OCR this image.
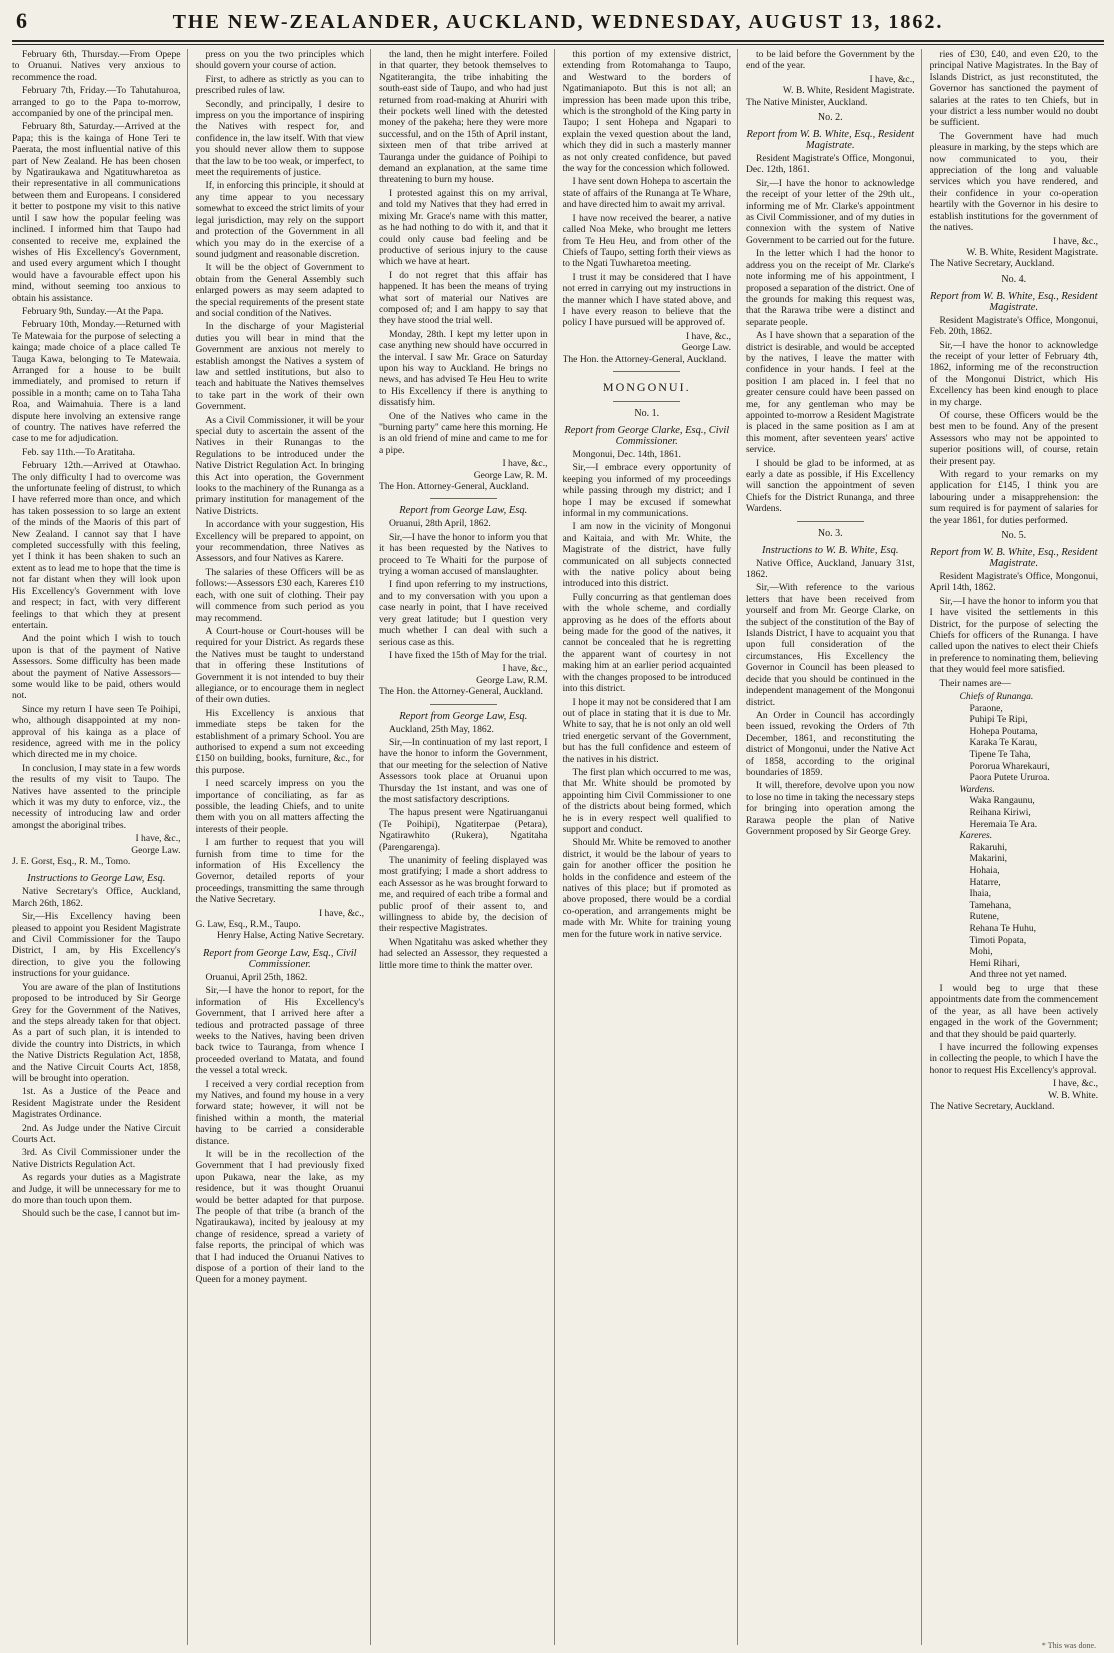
6	THE NEW-ZEALANDER, AUCKLAND, WEDNESDAY, AUGUST 13, 1862.

February 6th, Thursday.—From Opepe to Oruanui. Natives very anxious to recommence the road.

February 7th, Friday.—To Tahutahuroa, arranged to go to the Papa to-morrow, accompanied by one of the principal men.

February 8th, Saturday.—Arrived at the Papa; this is the kainga of Hone Teri te Paerata, the most influential native of this part of New Zealand. He has been chosen by Ngatiraukawa and Ngatituwharetoa as their representative in all communications between them and Europeans. I considered it better to postpone my visit to this native until I saw how the popular feeling was inclined. I informed him that Taupo had consented to receive me, explained the wishes of His Excellency's Government, and used every argument which I thought would have a favourable effect upon his mind, without seeming too anxious to obtain his assistance.

February 9th, Sunday.—At the Papa.

February 10th, Monday.—Returned with Te Matewaia for the purpose of selecting a kainga; made choice of a place called Te Tauga Kawa, belonging to Te Matewaia. Arranged for a house to be built immediately, and promised to return if possible in a month; came on to Taha Taha Roa, and Waimahuia. There is a land dispute here involving an extensive range of country. The natives have referred the case to me for adjudication.

Feb. say 11th.—To Aratitaha.

February 12th.—Arrived at Otawhao. The only difficulty I had to overcome was the unfortunate feeling of distrust, to which I have referred more than once, and which has taken possession to so large an extent of the minds of the Maoris of this part of New Zealand. I cannot say that I have completed successfully with this feeling, yet I think it has been shaken to such an extent as to lead me to hope that the time is not far distant when they will look upon His Excellency's Government with love and respect; in fact, with very different feelings to that which they at present entertain.

And the point which I wish to touch upon is that of the payment of Native Assessors. Some difficulty has been made about the payment of Native Assessors—some would like to be paid, others would not.

Since my return I have seen Te Poihipi, who, although disappointed at my non-approval of his kainga as a place of residence, agreed with me in the policy which directed me in my choice.

In conclusion, I may state in a few words the results of my visit to Taupo. The Natives have assented to the principle which it was my duty to enforce, viz., the necessity of introducing law and order amongst the aboriginal tribes.

I have, &c.,
George Law.
J. E. Gorst, Esq., R. M., Tomo.
Instructions to George Law, Esq.

Native Secretary's Office, Auckland, March 26th, 1862.

Sir,—His Excellency having been pleased to appoint you Resident Magistrate and Civil Commissioner for the Taupo District, I am, by His Excellency's direction, to give you the following instructions for your guidance.

You are aware of the plan of Institutions proposed to be introduced by Sir George Grey for the Government of the Natives, and the steps already taken for that object. As a part of such plan, it is intended to divide the country into Districts, in which the Native Districts Regulation Act, 1858, and the Native Circuit Courts Act, 1858, will be brought into operation.

1st. As a Justice of the Peace and Resident Magistrate under the Resident Magistrates Ordinance.

2nd. As Judge under the Native Circuit Courts Act.

3rd. As Civil Commissioner under the Native Districts Regulation Act.

As regards your duties as a Magistrate and Judge, it will be unnecessary for me to do more than touch upon them.

Should such be the case, I cannot but im-

press on you the two principles which should govern your course of action.

First, to adhere as strictly as you can to prescribed rules of law.

Secondly, and principally, I desire to impress on you the importance of inspiring the Natives with respect for, and confidence in, the law itself. With that view you should never allow them to suppose that the law to be too weak, or imperfect, to meet the requirements of justice.

If, in enforcing this principle, it should at any time appear to you necessary somewhat to exceed the strict limits of your legal jurisdiction, may rely on the support and protection of the Government in all which you may do in the exercise of a sound judgment and reasonable discretion.

It will be the object of Government to obtain from the General Assembly such enlarged powers as may seem adapted to the special requirements of the present state and social condition of the Natives.

In the discharge of your Magisterial duties you will bear in mind that the Government are anxious not merely to establish amongst the Natives a system of law and settled institutions, but also to teach and habituate the Natives themselves to take part in the work of their own Government.

As a Civil Commissioner, it will be your special duty to ascertain the assent of the Natives in their Runangas to the Regulations to be introduced under the Native District Regulation Act. In bringing this Act into operation, the Government looks to the machinery of the Runanga as a primary institution for management of the Native Districts.

In accordance with your suggestion, His Excellency will be prepared to appoint, on your recommendation, three Natives as Assessors, and four Natives as Karere.

The salaries of these Officers will be as follows:—Assessors £30 each, Kareres £10 each, with one suit of clothing. Their pay will commence from such period as you may recommend.

A Court-house or Court-houses will be required for your District. As regards these the Natives must be taught to understand that in offering these Institutions of Government it is not intended to buy their allegiance, or to encourage them in neglect of their own duties.

His Excellency is anxious that immediate steps be taken for the establishment of a primary School. You are authorised to expend a sum not exceeding £150 on building, books, furniture, &c., for this purpose.

I need scarcely impress on you the importance of conciliating, as far as possible, the leading Chiefs, and to unite them with you on all matters affecting the interests of their people.

I am further to request that you will furnish from time to time for the information of His Excellency the Governor, detailed reports of your proceedings, transmitting the same through the Native Secretary.

I have, &c.,
G. Law, Esq., R.M., Taupo.
Henry Halse, Acting Native Secretary.
Report from George Law, Esq., Civil Commissioner.

Oruanui, April 25th, 1862.

Sir,—I have the honor to report, for the information of His Excellency's Government, that I arrived here after a tedious and protracted passage of three weeks to the Natives, having been driven back twice to Tauranga, from whence I proceeded overland to Matata, and found the vessel a total wreck.

I received a very cordial reception from my Natives, and found my house in a very forward state; however, it will not be finished within a month, the material having to be carried a considerable distance.

It will be in the recollection of the Government that I had previously fixed upon Pukawa, near the lake, as my residence, but it was thought Oruanui would be better adapted for that purpose. The people of that tribe (a branch of the Ngatiraukawa), incited by jealousy at my change of residence, spread a variety of false reports, the principal of which was that I had induced the Oruanui Natives to dispose of a portion of their land to the Queen for a money payment.

the land, then he might interfere. Foiled in that quarter, they betook themselves to Ngatiterangita, the tribe inhabiting the south-east side of Taupo, and who had just returned from road-making at Ahuriri with their pockets well lined with the detested money of the pakeha; here they were more successful, and on the 15th of April instant, sixteen men of that tribe arrived at Tauranga under the guidance of Poihipi to demand an explanation, at the same time threatening to burn my house.

I protested against this on my arrival, and told my Natives that they had erred in mixing Mr. Grace's name with this matter, as he had nothing to do with it, and that it could only cause bad feeling and be productive of serious injury to the cause which we have at heart.

I do not regret that this affair has happened. It has been the means of trying what sort of material our Natives are composed of; and I am happy to say that they have stood the trial well.

Monday, 28th. I kept my letter upon in case anything new should have occurred in the interval. I saw Mr. Grace on Saturday upon his way to Auckland. He brings no news, and has advised Te Heu Heu to write to His Excellency if there is anything to dissatisfy him.

One of the Natives who came in the "burning party" came here this morning. He is an old friend of mine and came to me for a pipe.

I have, &c.,
George Law, R. M.
The Hon. Attorney-General, Auckland.
Report from George Law, Esq.

Oruanui, 28th April, 1862.

Sir,—I have the honor to inform you that it has been requested by the Natives to proceed to Te Whaiti for the purpose of trying a woman accused of manslaughter.

I find upon referring to my instructions, and to my conversation with you upon a case nearly in point, that I have received very great latitude; but I question very much whether I can deal with such a serious case as this.

I have fixed the 15th of May for the trial.

I have, &c.,
George Law, R.M.
The Hon. the Attorney-General, Auckland.
Report from George Law, Esq.

Auckland, 25th May, 1862.

Sir,—In continuation of my last report, I have the honor to inform the Government, that our meeting for the selection of Native Assessors took place at Oruanui upon Thursday the 1st instant, and was one of the most satisfactory descriptions.

The hapus present were Ngatiruanganui (Te Poihipi), Ngatiterpae (Petara), Ngatirawhito (Rukera), Ngatitaha (Parengarenga).

The unanimity of feeling displayed was most gratifying; I made a short address to each Assessor as he was brought forward to me, and required of each tribe a formal and public proof of their assent to, and willingness to abide by, the decision of their respective Magistrates.

When Ngatitahu was asked whether they had selected an Assessor, they requested a little more time to think the matter over.

this portion of my extensive district, extending from Rotomahanga to Taupo, and Westward to the borders of Ngatimaniapoto. But this is not all; an impression has been made upon this tribe, which is the stronghold of the King party in Taupo; I sent Hohepa and Ngapari to explain the vexed question about the land, which they did in such a masterly manner as not only created confidence, but paved the way for the concession which followed.

I have sent down Hohepa to ascertain the state of affairs of the Runanga at Te Whare, and have directed him to await my arrival.

I have now received the bearer, a native called Noa Meke, who brought me letters from Te Heu Heu, and from other of the Chiefs of Taupo, setting forth their views as to the Ngati Tuwharetoa meeting.

I trust it may be considered that I have not erred in carrying out my instructions in the manner which I have stated above, and I have every reason to believe that the policy I have pursued will be approved of.

I have, &c.,
George Law.
The Hon. the Attorney-General, Auckland.
MONGONUI.
No. 1.
Report from George Clarke, Esq., Civil Commissioner.

Mongonui, Dec. 14th, 1861.

Sir,—I embrace every opportunity of keeping you informed of my proceedings while passing through my district; and I hope I may be excused if somewhat informal in my communications.

I am now in the vicinity of Mongonui and Kaitaia, and with Mr. White, the Magistrate of the district, have fully communicated on all subjects connected with the native policy about being introduced into this district.

Fully concurring as that gentleman does with the whole scheme, and cordially approving as he does of the efforts about being made for the good of the natives, it cannot be concealed that he is regretting the apparent want of courtesy in not making him at an earlier period acquainted with the changes proposed to be introduced into this district.

I hope it may not be considered that I am out of place in stating that it is due to Mr. White to say, that he is not only an old well tried energetic servant of the Government, but has the full confidence and esteem of the natives in his district.

The first plan which occurred to me was, that Mr. White should be promoted by appointing him Civil Commissioner to one of the districts about being formed, which he is in every respect well qualified to support and conduct.

Should Mr. White be removed to another district, it would be the labour of years to gain for another officer the position he holds in the confidence and esteem of the natives of this place; but if promoted as above proposed, there would be a cordial co-operation, and arrangements might be made with Mr. White for training young men for the future work in native service.

to be laid before the Government by the end of the year.

I have, &c.,
W. B. White, Resident Magistrate.
The Native Minister, Auckland.
No. 2.
Report from W. B. White, Esq., Resident Magistrate.

Resident Magistrate's Office, Mongonui, Dec. 12th, 1861.

Sir,—I have the honor to acknowledge the receipt of your letter of the 29th ult., informing me of Mr. Clarke's appointment as Civil Commissioner, and of my duties in connexion with the system of Native Government to be carried out for the future.

In the letter which I had the honor to address you on the receipt of Mr. Clarke's note informing me of his appointment, I proposed a separation of the district. One of the grounds for making this request was, that the Rarawa tribe were a distinct and separate people.

As I have shown that a separation of the district is desirable, and would be accepted by the natives, I leave the matter with confidence in your hands. I feel at the position I am placed in. I feel that no greater censure could have been passed on me, for any gentleman who may be appointed to-morrow a Resident Magistrate is placed in the same position as I am at this moment, after seventeen years' active service.

I should be glad to be informed, at as early a date as possible, if His Excellency will sanction the appointment of seven Chiefs for the District Runanga, and three Wardens.

No. 3.
Instructions to W. B. White, Esq.

Native Office, Auckland, January 31st, 1862.

Sir,—With reference to the various letters that have been received from yourself and from Mr. George Clarke, on the subject of the constitution of the Bay of Islands District, I have to acquaint you that upon full consideration of the circumstances, His Excellency the Governor in Council has been pleased to decide that you should be continued in the independent management of the Mongonui district.

An Order in Council has accordingly been issued, revoking the Orders of 7th December, 1861, and reconstituting the district of Mongonui, under the Native Act of 1858, according to the original boundaries of 1859.

It will, therefore, devolve upon you now to lose no time in taking the necessary steps for bringing into operation among the Rarawa people the plan of Native Government proposed by Sir George Grey.

ries of £30, £40, and even £20, to the principal Native Magistrates. In the Bay of Islands District, as just reconstituted, the Governor has sanctioned the payment of salaries at the rates to ten Chiefs, but in your district a less number would no doubt be sufficient.

The Government have had much pleasure in marking, by the steps which are now communicated to you, their appreciation of the long and valuable services which you have rendered, and their confidence in your co-operation heartily with the Governor in his desire to establish institutions for the government of the natives.

I have, &c.,
W. B. White, Resident Magistrate.
The Native Secretary, Auckland.
No. 4.
Report from W. B. White, Esq., Resident Magistrate.

Resident Magistrate's Office, Mongonui, Feb. 20th, 1862.

Sir,—I have the honor to acknowledge the receipt of your letter of February 4th, 1862, informing me of the reconstruction of the Mongonui District, which His Excellency has been kind enough to place in my charge.

Of course, these Officers would be the best men to be found. Any of the present Assessors who may not be appointed to superior positions will, of course, retain their present pay.

With regard to your remarks on my application for £145, I think you are labouring under a misapprehension: the sum required is for payment of salaries for the year 1861, for duties performed.

No. 5.
Report from W. B. White, Esq., Resident Magistrate.

Resident Magistrate's Office, Mongonui, April 14th, 1862.

Sir,—I have the honor to inform you that I have visited the settlements in this District, for the purpose of selecting the Chiefs for officers of the Runanga. I have called upon the natives to elect their Chiefs in preference to nominating them, believing that they would feel more satisfied.

Their names are—

Chiefs of Runanga.
Paraone,
Puhipi Te Ripi,
Hohepa Poutama,
Karaka Te Karau,
Tipene Te Taha,
Pororua Wharekauri,
Paora Putete Ururoa.
Wardens.
Waka Rangaunu,
Reihana Kiriwi,
Heremaia Te Ara.
Kareres.
Rakaruhi,
Makarini,
Hohaia,
Hatarre,
Ihaia,
Tamehana,
Rutene,
Rehana Te Huhu,
Timoti Popata,
Mohi,
Hemi Rihari,
And three not yet named.

I would beg to urge that these appointments date from the commencement of the year, as all have been actively engaged in the work of the Government; and that they should be paid quarterly.

I have incurred the following expenses in collecting the people, to which I have the honor to request His Excellency's approval.

I have, &c.,
W. B. White.
The Native Secretary, Auckland.
* This was done.
